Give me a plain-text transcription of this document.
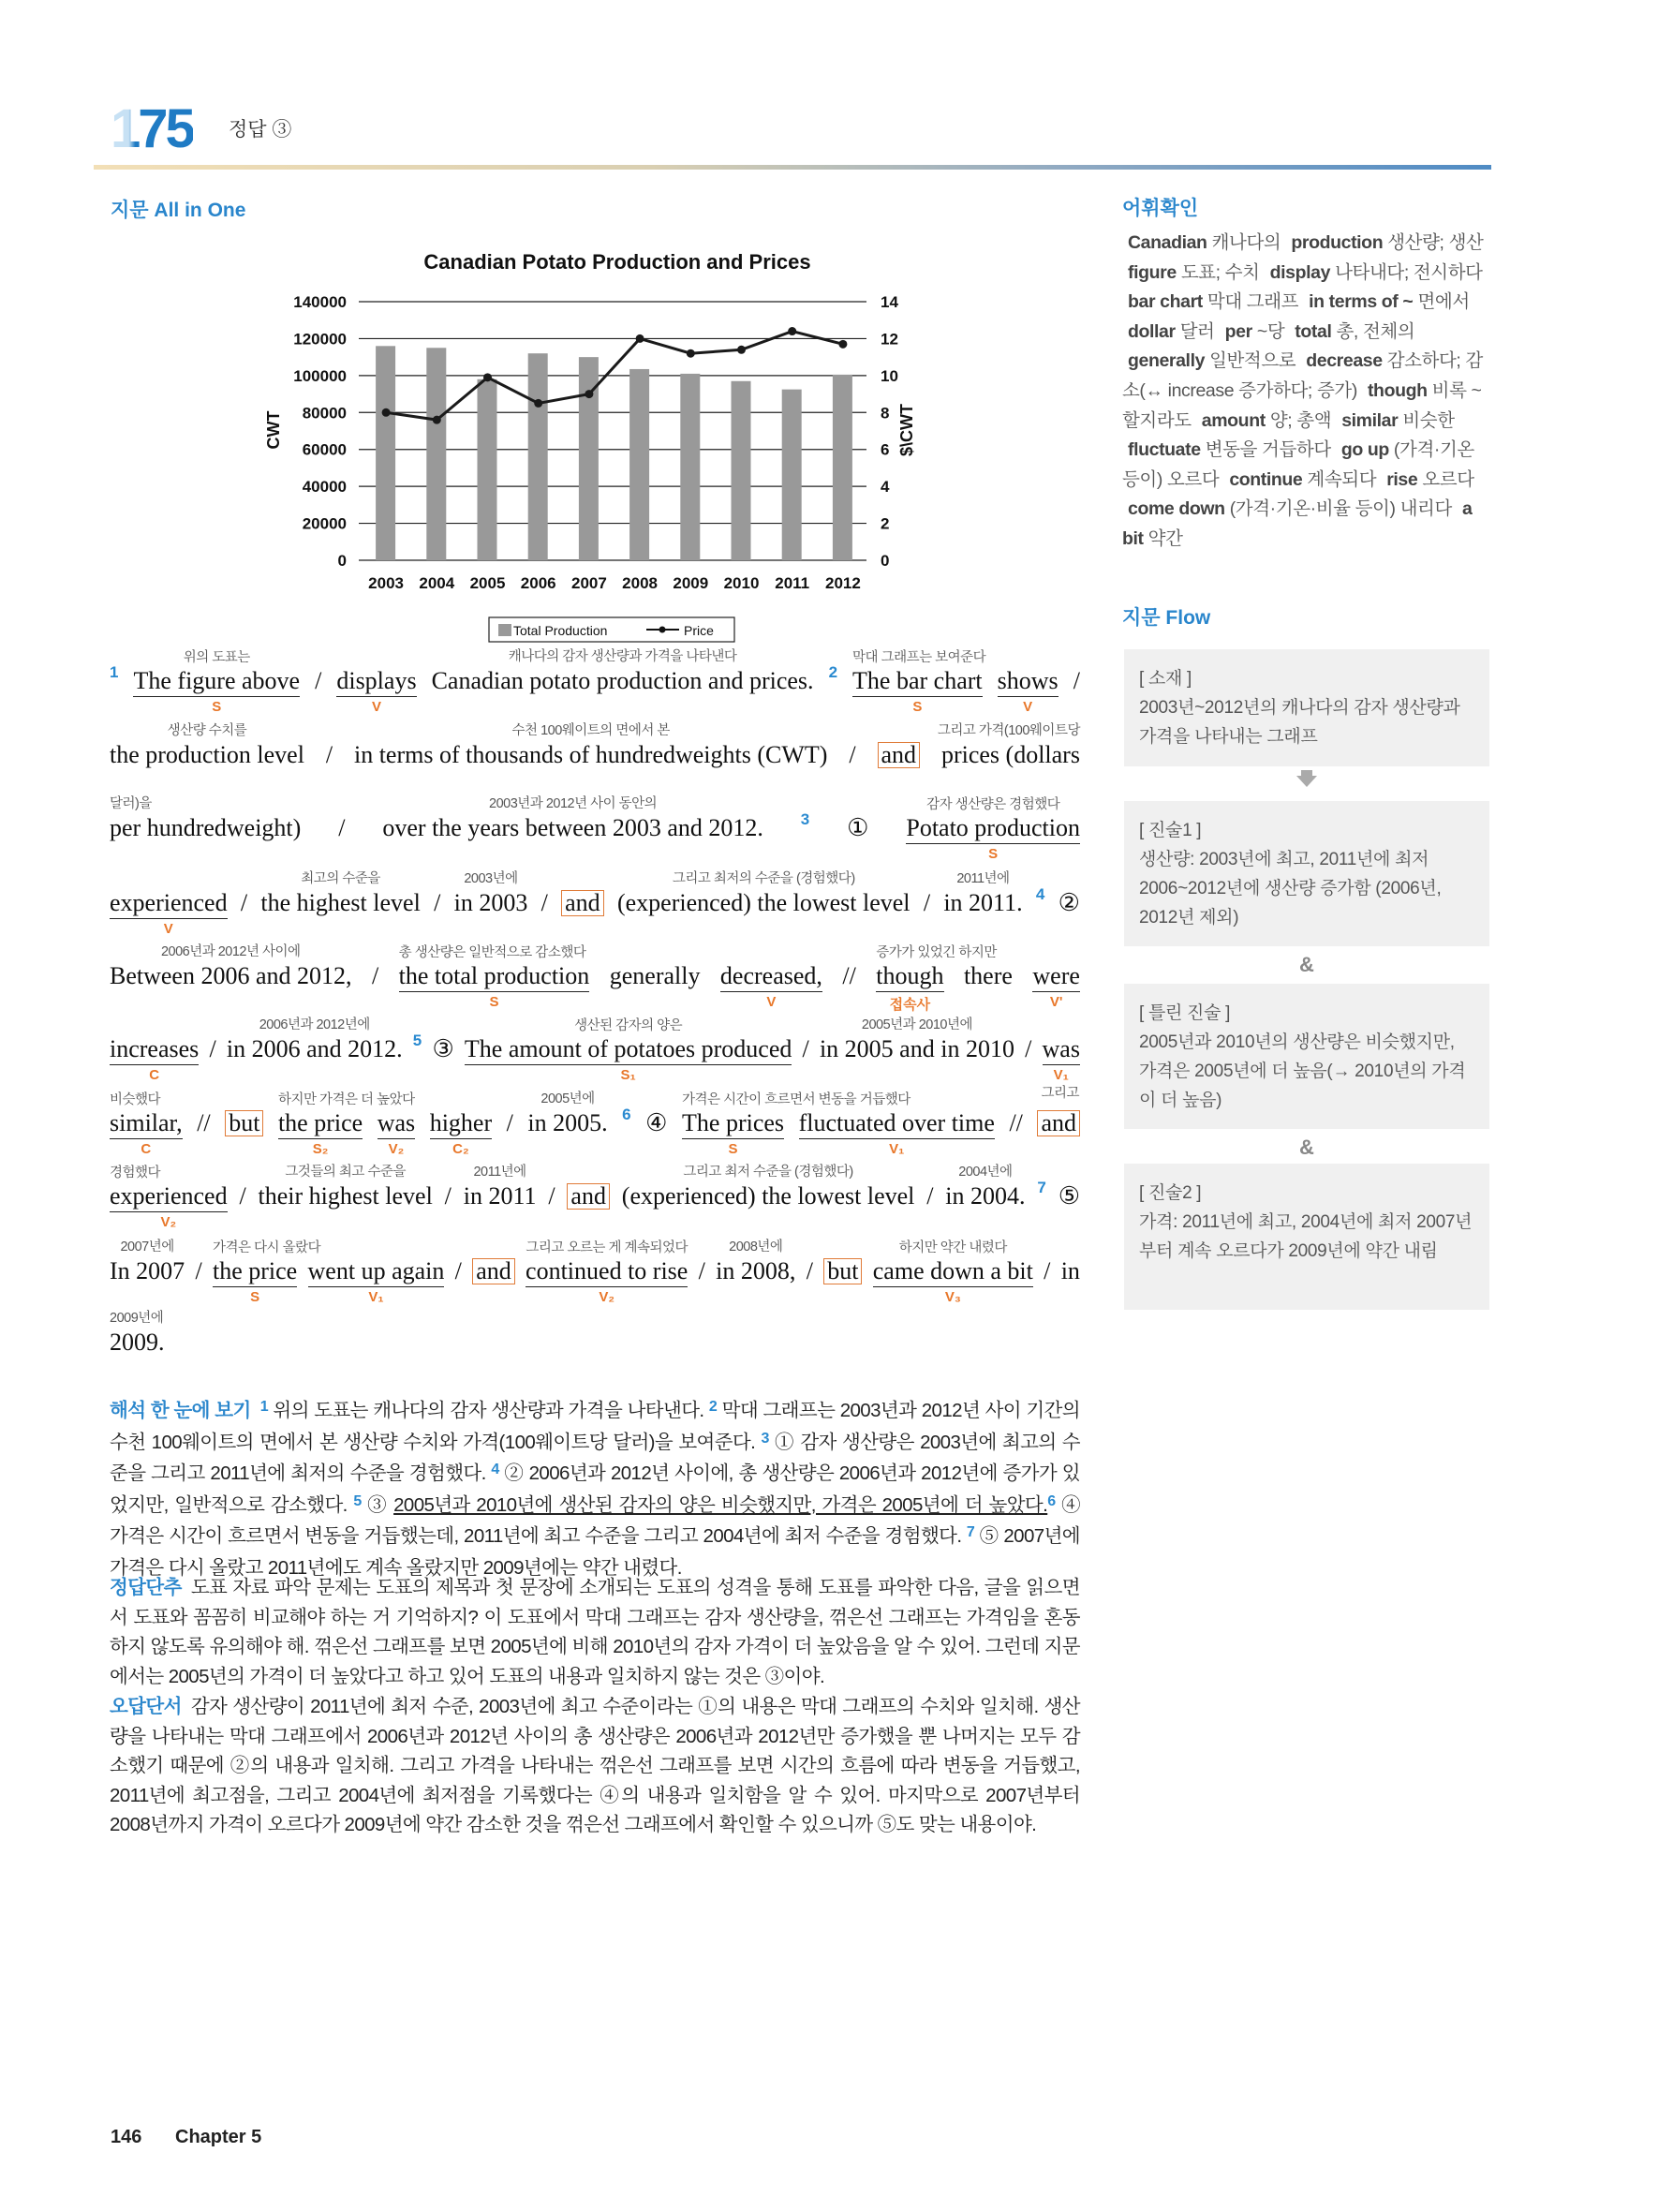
175 정답 ③
지문 All in One
Canadian Potato Production and Prices
0	0
20000	2
40000	4
60000	6
80000	8
100000	10
120000	12
140000	14
2003 2004 2005 2006 2007 2008 2009 2010 2011 2012
CWT	$\CWT
Total Production	Price
1 The figure above
위의 도표는
S
/ displays
V
Canadian potato production and prices.
캐나다의 감자 생산량과 가격을 나타낸다
2 The bar chart
막대 그래프는 보여준다
S
shows
V
/
the production level
생산량 수치를
/ in terms of thousands of hundredweights (CWT)
수천 100웨이트의 면에서 본
/ and prices (dollars
그리고 가격(100웨이트당
per hundredweight)
달러)을
/ over the years between 2003 and 2012.
2003년과 2012년 사이 동안의
3 ① Potato production
감자 생산량은 경험했다
S
experienced
V
/ the highest level
최고의 수준을
/ in 2003
2003년에
/ and (experienced) the lowest level
그리고 최저의 수준을 (경험했다)
/ in 2011.
2011년에
4 ②
Between 2006 and 2012,
2006년과 2012년 사이에
/ the total production
총 생산량은 일반적으로 감소했다
S
generally decreased,
V
// though
증가가 있었긴 하지만
접속사
there were
V'
increases
C
/ in 2006 and 2012.
2006년과 2012년에
5 ③ The amount of potatoes produced
생산된 감자의 양은
S₁
/ in 2005 and in 2010
2005년과 2010년에
/ was
V₁
similar,
비슷했다
C
// but the price
하지만 가격은 더 높았다
S₂
was
V₂
higher
C₂
/ in 2005.
2005년에
6 ④ The prices
가격은 시간이 흐르면서 변동을 거듭했다
S
fluctuated over time
V₁
// and
그리고
experienced
경험했다
V₂
/ their highest level
그것들의 최고 수준을
/ in 2011
2011년에
/ and (experienced) the lowest level
그리고 최저 수준을 (경험했다)
/ in 2004.
2004년에
7 ⑤
In 2007
2007년에
/ the price
가격은 다시 올랐다
S
went up again
V₁
/ and continued to rise
그리고 오르는 게 계속되었다
V₂
/ in 2008,
2008년에
/ but came down a bit
하지만 약간 내렸다
V₃
/ in
2009.
2009년에
해석 한 눈에 보기 $^1$ 위의 도표는 캐나다의 감자 생산량과 가격을 나타낸다. $^2$ 막대 그래프는 2003년과 2012년 사이 기간의 수천 100웨이트의 면에서 본 생산량 수치와 가격(100웨이트당 달러)을 보여준다. $^3$ ① 감자 생산량은 2003년에 최고의 수준을 그리고 2011년에 최저의 수준을 경험했다. $^4$ ② 2006년과 2012년 사이에, 총 생산량은 2006년과 2012년에 증가가 있었지만, 일반적으로 감소했다. $^5$ ③ 2005년과 2010년에 생산된 감자의 양은 비슷했지만, 가격은 2005년에 더 높았다.$^6$ ④ 가격은 시간이 흐르면서 변동을 거듭했는데, 2011년에 최고 수준을 그리고 2004년에 최저 수준을 경험했다. $^7$ ⑤ 2007년에 가격은 다시 올랐고 2011년에도 계속 올랐지만 2009년에는 약간 내렸다.
정답단추 도표 자료 파악 문제는 도표의 제목과 첫 문장에 소개되는 도표의 성격을 통해 도표를 파악한 다음, 글을 읽으면서 도표와 꼼꼼히 비교해야 하는 거 기억하지? 이 도표에서 막대 그래프는 감자 생산량을, 꺾은선 그래프는 가격임을 혼동하지 않도록 유의해야 해. 꺾은선 그래프를 보면 2005년에 비해 2010년의 감자 가격이 더 높았음을 알 수 있어. 그런데 지문에서는 2005년의 가격이 더 높았다고 하고 있어 도표의 내용과 일치하지 않는 것은 ③이야.
오답단서 감자 생산량이 2011년에 최저 수준, 2003년에 최고 수준이라는 ①의 내용은 막대 그래프의 수치와 일치해. 생산량을 나타내는 막대 그래프에서 2006년과 2012년 사이의 총 생산량은 2006년과 2012년만 증가했을 뿐 나머지는 모두 감소했기 때문에 ②의 내용과 일치해. 그리고 가격을 나타내는 꺾은선 그래프를 보면 시간의 흐름에 따라 변동을 거듭했고, 2011년에 최고점을, 그리고 2004년에 최저점을 기록했다는 ④의 내용과 일치함을 알 수 있어. 마지막으로 2007년부터 2008년까지 가격이 오르다가 2009년에 약간 감소한 것을 꺾은선 그래프에서 확인할 수 있으니까 ⑤도 맞는 내용이야.
어휘확인
Canadian 캐나다의 production 생산량; 생산 figure 도표; 수치 display 나타내다; 전시하다 bar chart 막대 그래프 in terms of ~ 면에서 dollar 달러 per ~당 total 총, 전체의 generally 일반적으로 decrease 감소하다; 감소(↔ increase 증가하다; 증가) though 비록 ~할지라도 amount 양; 총액 similar 비슷한 fluctuate 변동을 거듭하다 go up (가격·기온 등이) 오르다 continue 계속되다 rise 오르다 come down (가격·기온·비율 등이) 내리다 a bit 약간
지문 Flow
[ 소재 ]
2003년~2012년의 캐나다의 감자 생산량과 가격을 나타내는 그래프
[ 진술1 ]
생산량: 2003년에 최고, 2011년에 최저 2006~2012년에 생산량 증가함 (2006년, 2012년 제외)
[ 틀린 진술 ]
2005년과 2010년의 생산량은 비슷했지만, 가격은 2005년에 더 높음(→ 2010년의 가격이 더 높음)
[ 진술2 ]
가격: 2011년에 최고, 2004년에 최저 2007년부터 계속 오르다가 2009년에 약간 내림
&
&
146 Chapter 5
